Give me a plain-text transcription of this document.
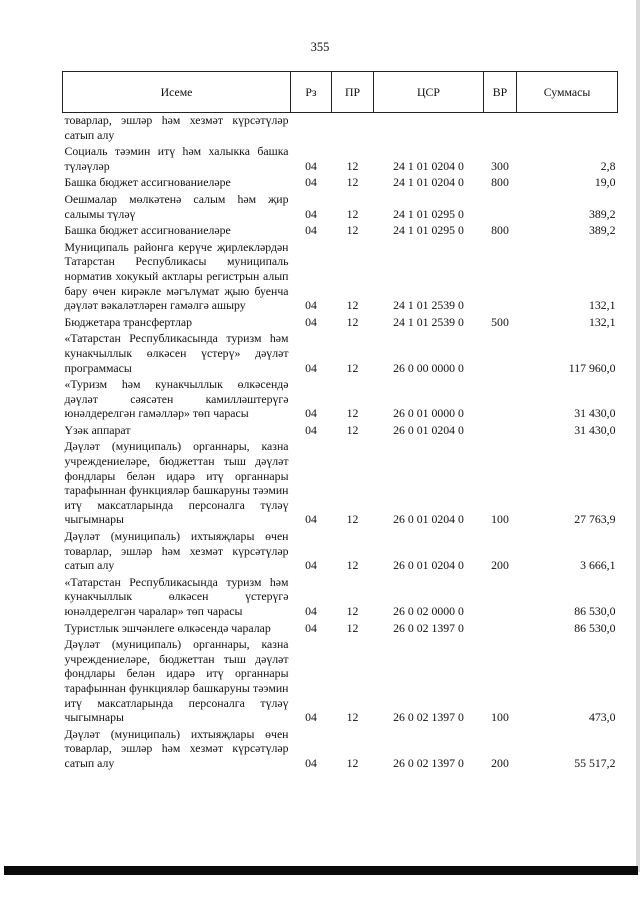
355
Исеме	Рз	ПР	ЦСР	ВР	Суммасы
товарлар, эшләр һәм хезмәт күрсәтүләр сатып алу					
Социаль тәэмин итү һәм халыкка башка түләүләр	04	12	24 1 01 0204 0	300	2,8
Башка бюджет ассигнованиеләре	04	12	24 1 01 0204 0	800	19,0
Оешмалар мөлкәтенә салым һәм җир салымы түләү	04	12	24 1 01 0295 0		389,2
Башка бюджет ассигнованиеләре	04	12	24 1 01 0295 0	800	389,2
Муниципаль районга керүче җирлекләрдән Татарстан Республикасы муниципаль норматив хокукый актлары регистрын алып бару өчен кирәкле мәгълүмат җыю буенча дәүләт вәкаләтләрен гамәлгә ашыру	04	12	24 1 01 2539 0		132,1
Бюджетара трансфертлар	04	12	24 1 01 2539 0	500	132,1
«Татарстан Республикасында туризм һәм кунакчыллык өлкәсен үстерү» дәүләт программасы	04	12	26 0 00 0000 0		117 960,0
«Туризм һәм кунакчыллык өлкәсендә дәүләт сәясәтен камилләштерүгә юнәлдерелгән гамәлләр» төп чарасы	04	12	26 0 01 0000 0		31 430,0
Үзәк аппарат	04	12	26 0 01 0204 0		31 430,0
Дәүләт (муниципаль) органнары, казна учреждениеләре, бюджеттан тыш дәүләт фондлары белән идарә итү органнары тарафыннан функцияләр башкаруны тәэмин итү максатларында персоналга түләү чыгымнары	04	12	26 0 01 0204 0	100	27 763,9
Дәүләт (муниципаль) ихтыяҗлары өчен товарлар, эшләр һәм хезмәт күрсәтүләр сатып алу	04	12	26 0 01 0204 0	200	3 666,1
«Татарстан Республикасында туризм һәм кунакчыллык өлкәсен үстерүгә юнәлдерелгән чаралар» төп чарасы	04	12	26 0 02 0000 0		86 530,0
Туристлык эшчәнлеге өлкәсендә чаралар	04	12	26 0 02 1397 0		86 530,0
Дәүләт (муниципаль) органнары, казна учреждениеләре, бюджеттан тыш дәүләт фондлары белән идарә итү органнары тарафыннан функцияләр башкаруны тәэмин итү максатларында персоналга түләү чыгымнары	04	12	26 0 02 1397 0	100	473,0
Дәүләт (муниципаль) ихтыяҗлары өчен товарлар, эшләр һәм хезмәт күрсәтүләр сатып алу	04	12	26 0 02 1397 0	200	55 517,2
